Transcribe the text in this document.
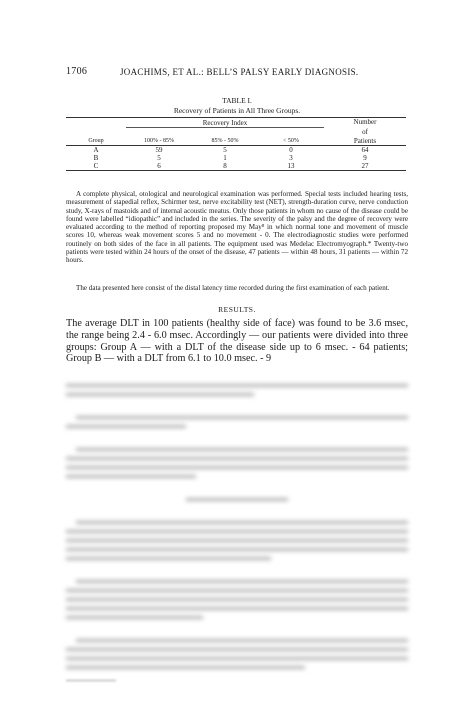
1706	JOACHIMS, ET AL.: BELL’S PALSY EARLY DIAGNOSIS.
TABLE I.
Recovery of Patients in All Three Groups.

	Recovery Index			Number
				of
Group	100% - 85%	85% - 50%	< 50%	Patients
A	59	5	0	64
B	5	1	3	9
C	6	8	13	27
A complete physical, otological and neurological examination was performed. Special tests included hearing tests, measurement of stapedial reflex, Schirmer test, nerve excitability test (NET), strength-duration curve, nerve conduction study, X-rays of mastoids and of internal acoustic meatus. Only those patients in whom no cause of the disease could be found were labelled “idiopathic” and included in the series. The severity of the palsy and the degree of recovery were evaluated according to the method of reporting proposed my May⁸ in which normal tone and movement of muscle scores 10, whereas weak movement scores 5 and no movement - 0. The electrodiagnostic studies were performed routinely on both sides of the face in all patients. The equipment used was Medelac Electromyograph.* Twenty-two patients were tested within 24 hours of the onset of the disease, 47 patients — within 48 hours, 31 patients — within 72 hours.
The data presented here consist of the distal latency time recorded during the first examination of each patient.
RESULTS.
The average DLT in 100 patients (healthy side of face) was found to be 3.6 msec, the range being 2.4 - 6.0 msec. Accordingly — our patients were divided into three groups: Group A — with a DLT of the disease side up to 6 msec. - 64 patients; Group B — with a DLT from 6.1 to 10.0 msec. - 9
